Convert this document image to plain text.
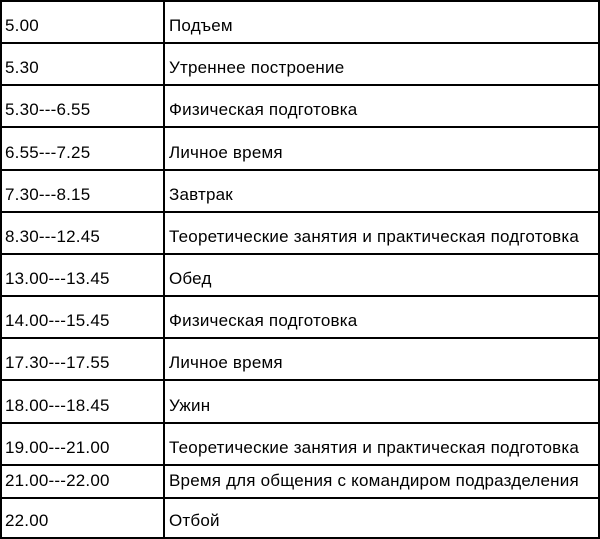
5.00	Подъем
5.30	Утреннее построение
5.30---6.55	Физическая подготовка
6.55---7.25	Личное время
7.30---8.15	Завтрак
8.30---12.45	Теоретические занятия и практическая подготовка
13.00---13.45	Обед
14.00---15.45	Физическая подготовка
17.30---17.55	Личное время
18.00---18.45	Ужин
19.00---21.00	Теоретические занятия и практическая подготовка
21.00---22.00	Время для общения с командиром подразделения
22.00	Отбой
